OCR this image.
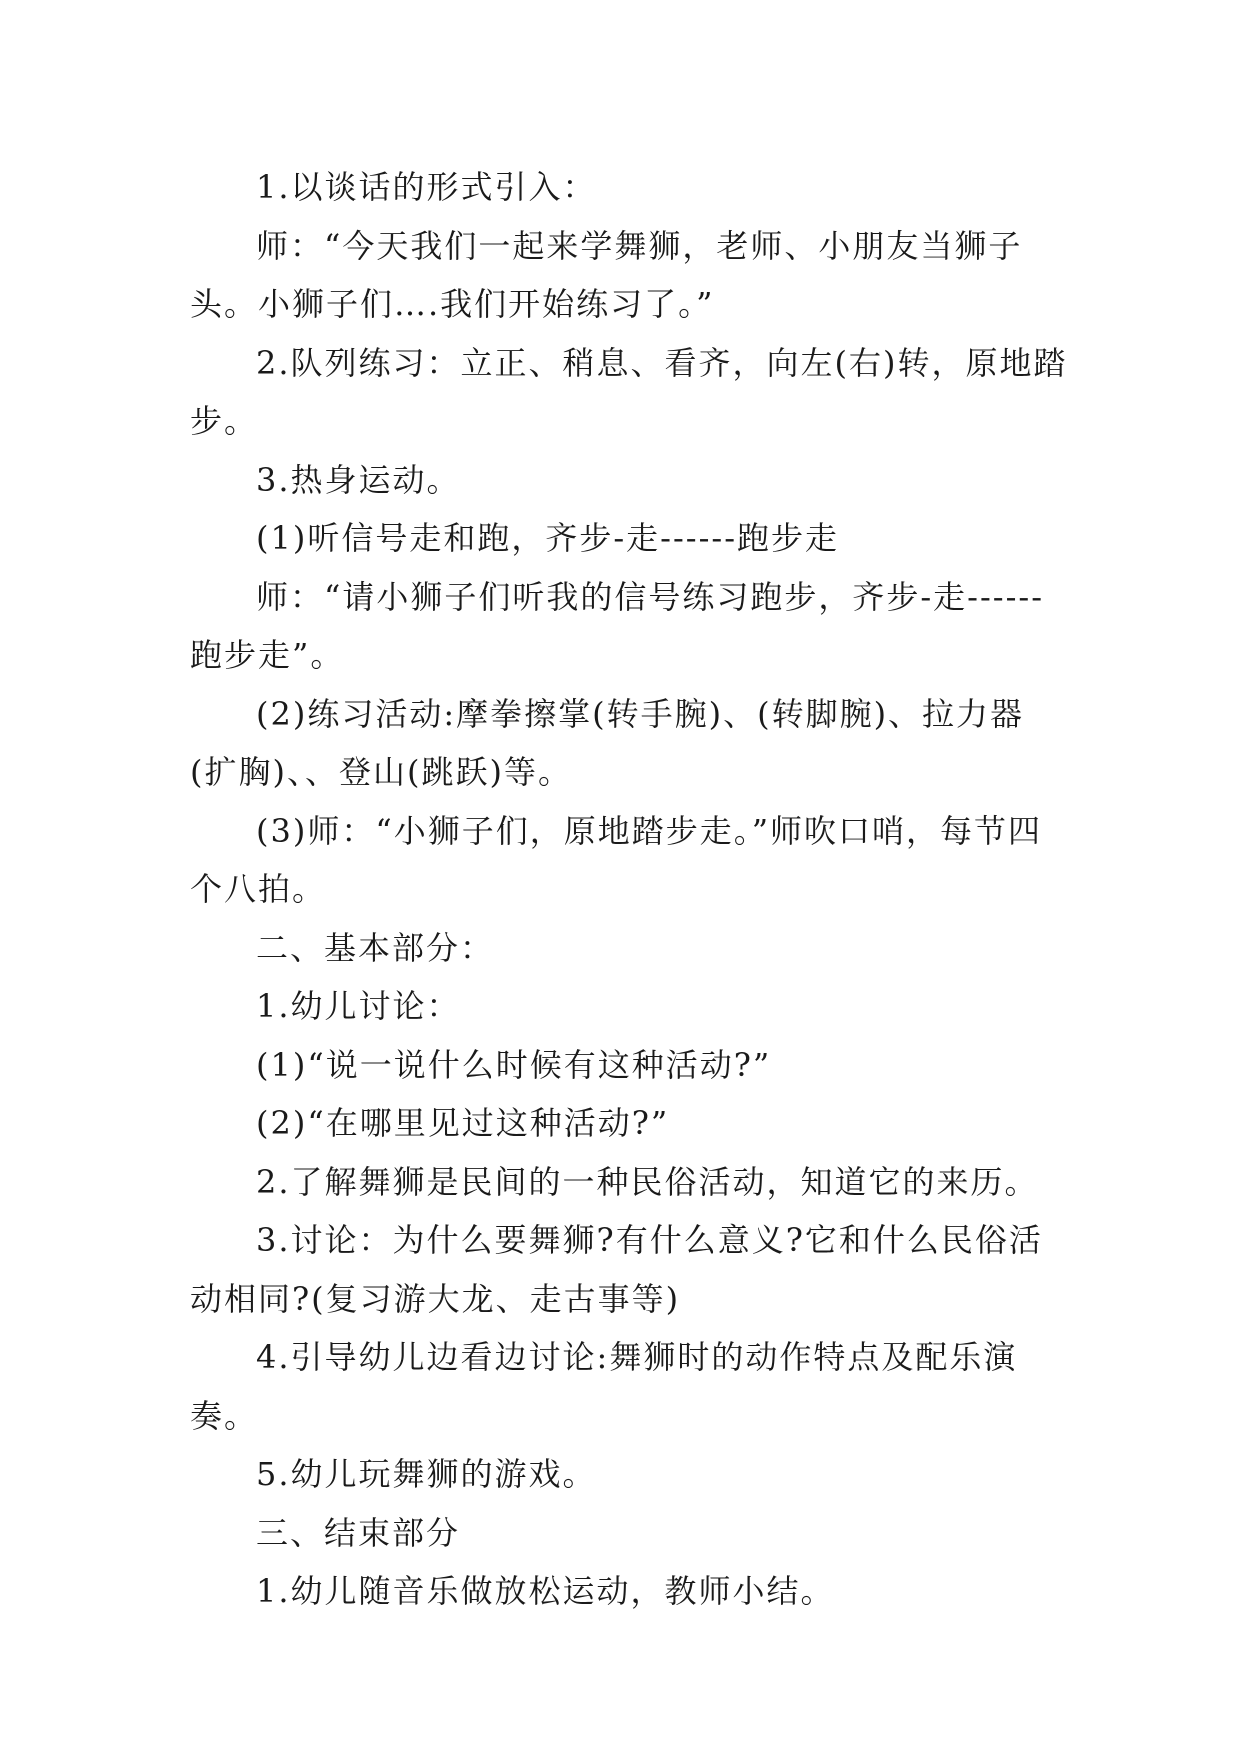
1.以谈话的形式引入：

师：“今天我们一起来学舞狮，老师、小朋友当狮子头。小狮子们….我们开始练习了。”

2.队列练习：立正、稍息、看齐，向左(右)转，原地踏步。

3.热身运动。

(1)听信号走和跑，齐步-走------跑步走

师：“请小狮子们听我的信号练习跑步，齐步-走------跑步走”。

(2)练习活动:摩拳擦掌(转手腕)、(转脚腕)、拉力器(扩胸)、、登山(跳跃)等。

(3)师：“小狮子们，原地踏步走。”师吹口哨，每节四个八拍。

二、基本部分：

1.幼儿讨论：

(1)“说一说什么时候有这种活动?”

(2)“在哪里见过这种活动?”

2.了解舞狮是民间的一种民俗活动，知道它的来历。

3.讨论：为什么要舞狮?有什么意义?它和什么民俗活动相同?(复习游大龙、走古事等)

4.引导幼儿边看边讨论:舞狮时的动作特点及配乐演奏。

5.幼儿玩舞狮的游戏。

三、结束部分

1.幼儿随音乐做放松运动，教师小结。
